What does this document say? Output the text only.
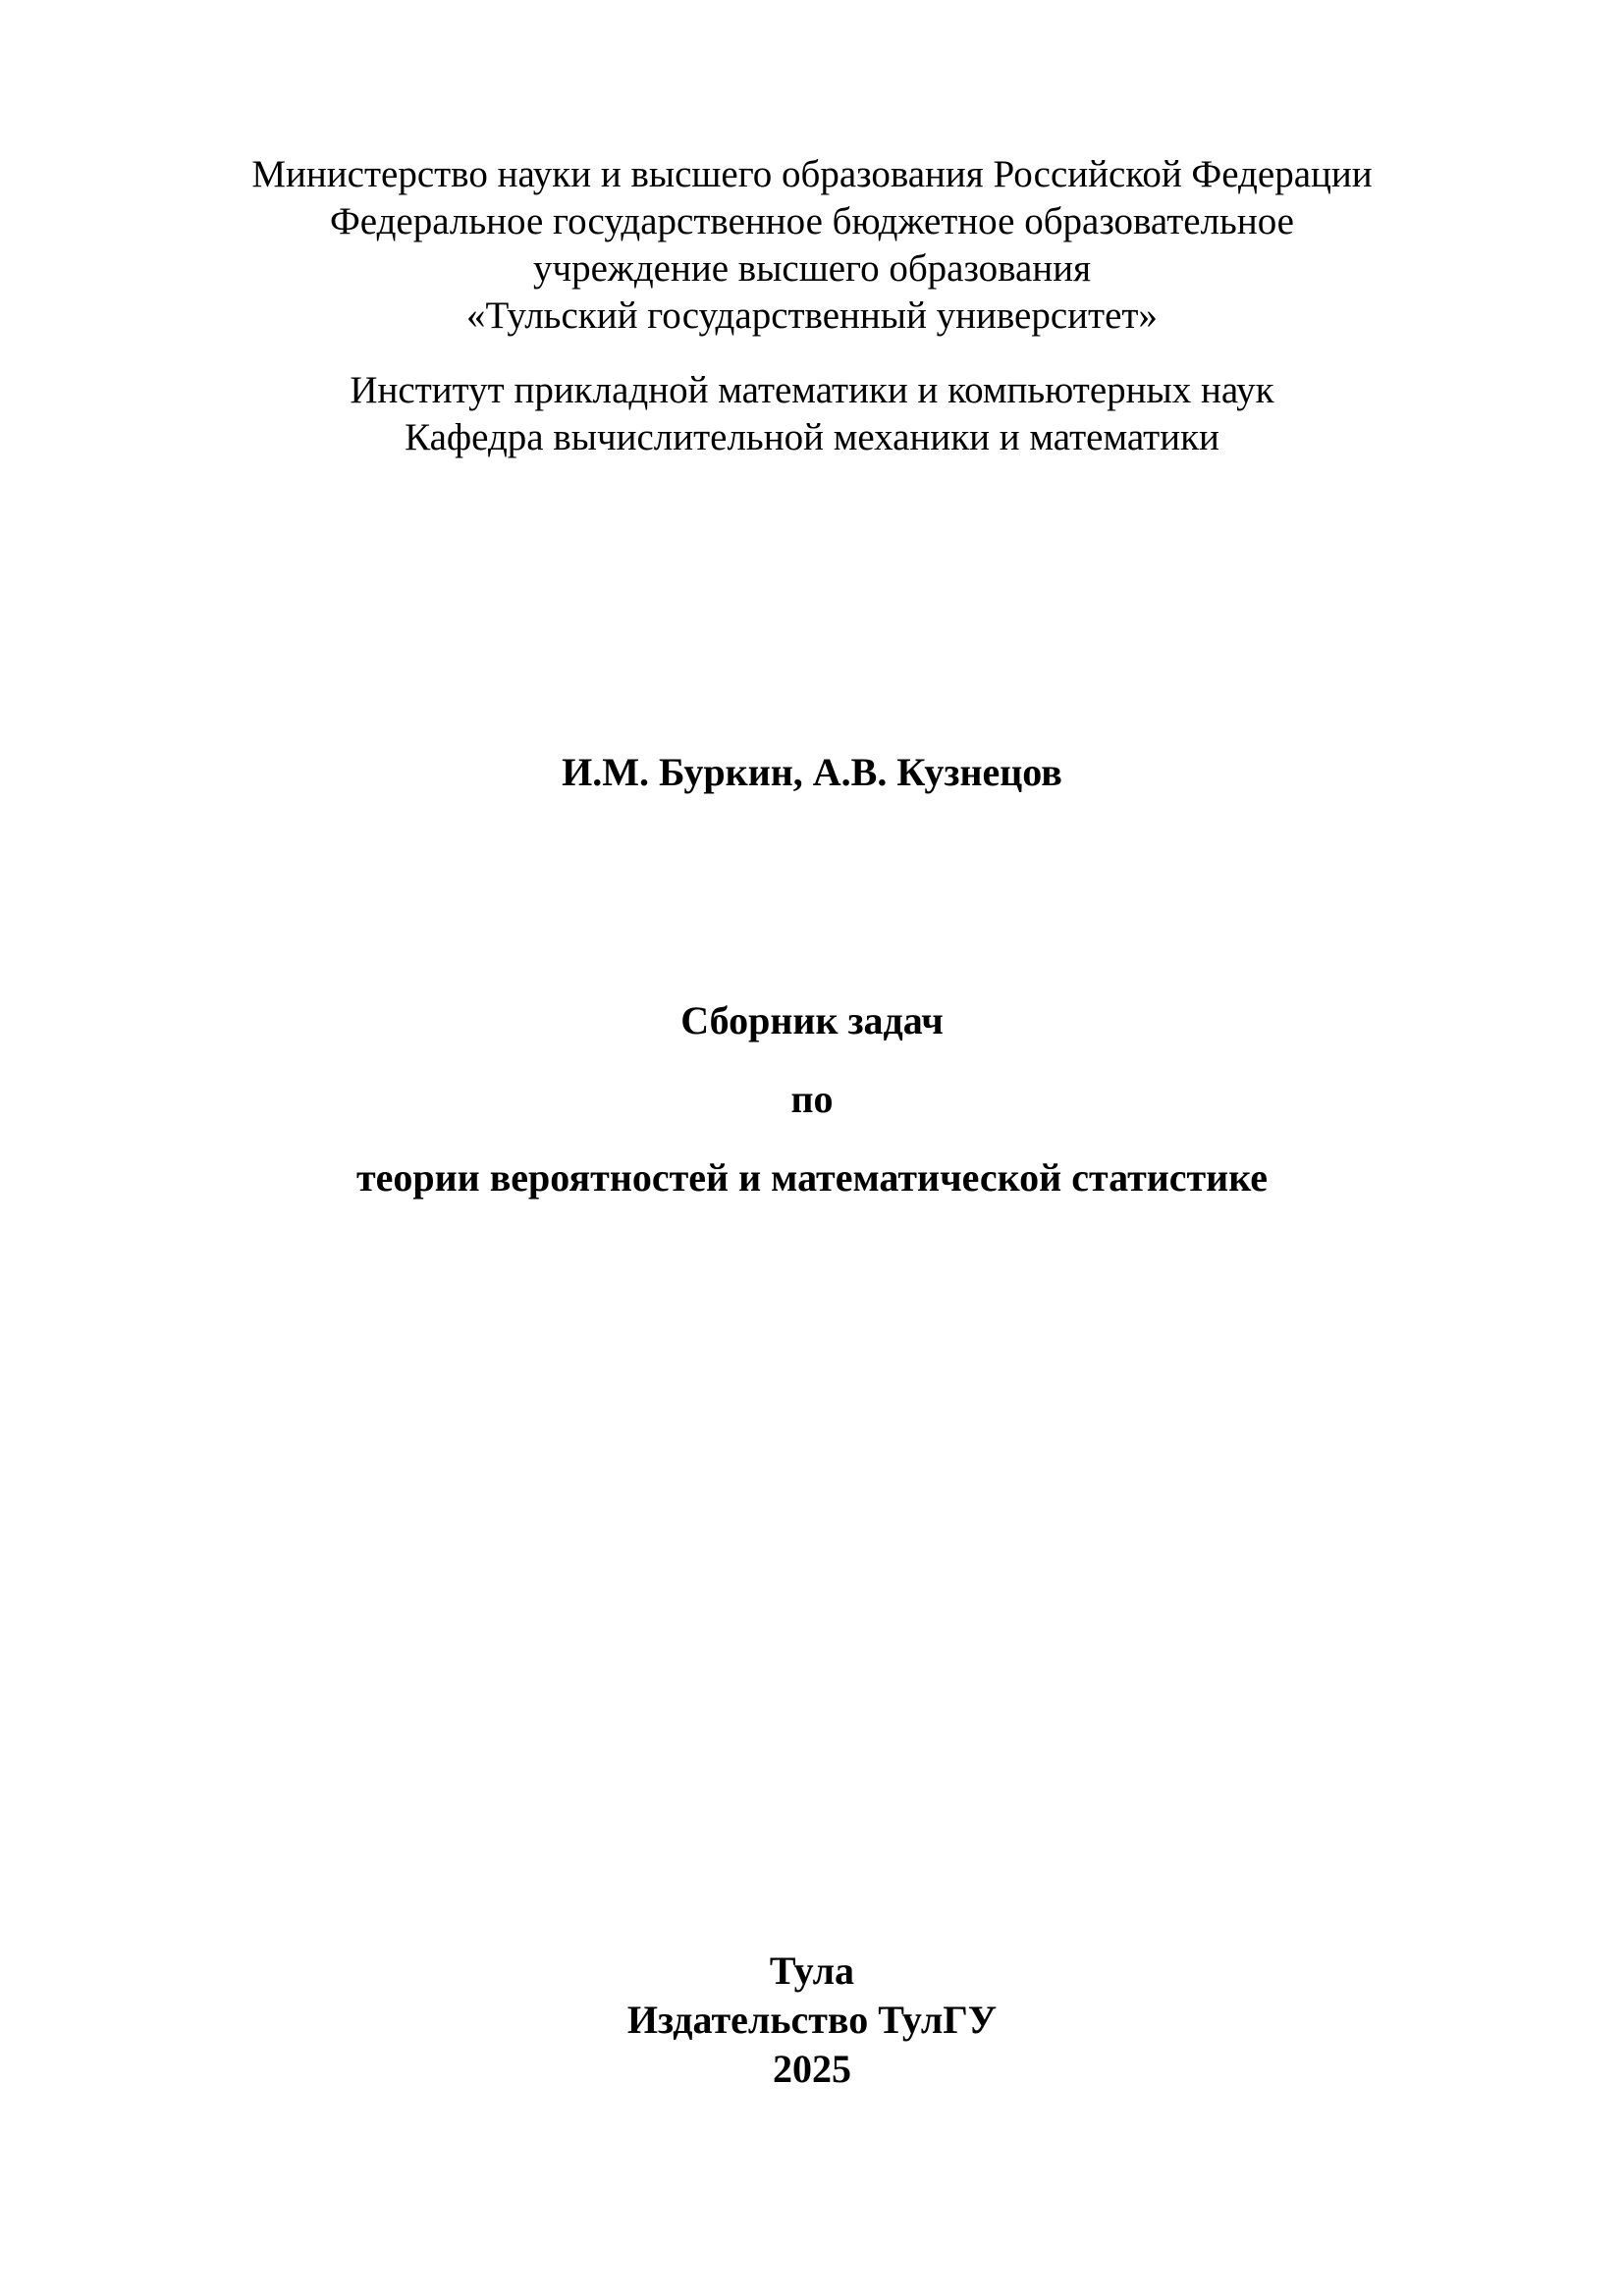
Министерство науки и высшего образования Российской Федерации
Федеральное государственное бюджетное образовательное
учреждение высшего образования
«Тульский государственный университет»
Институт прикладной математики и компьютерных наук
Кафедра вычислительной механики и математики
И.М. Буркин, А.В. Кузнецов
Сборник задач
по
теории вероятностей и математической статистике
Тула
Издательство ТулГУ
2025
